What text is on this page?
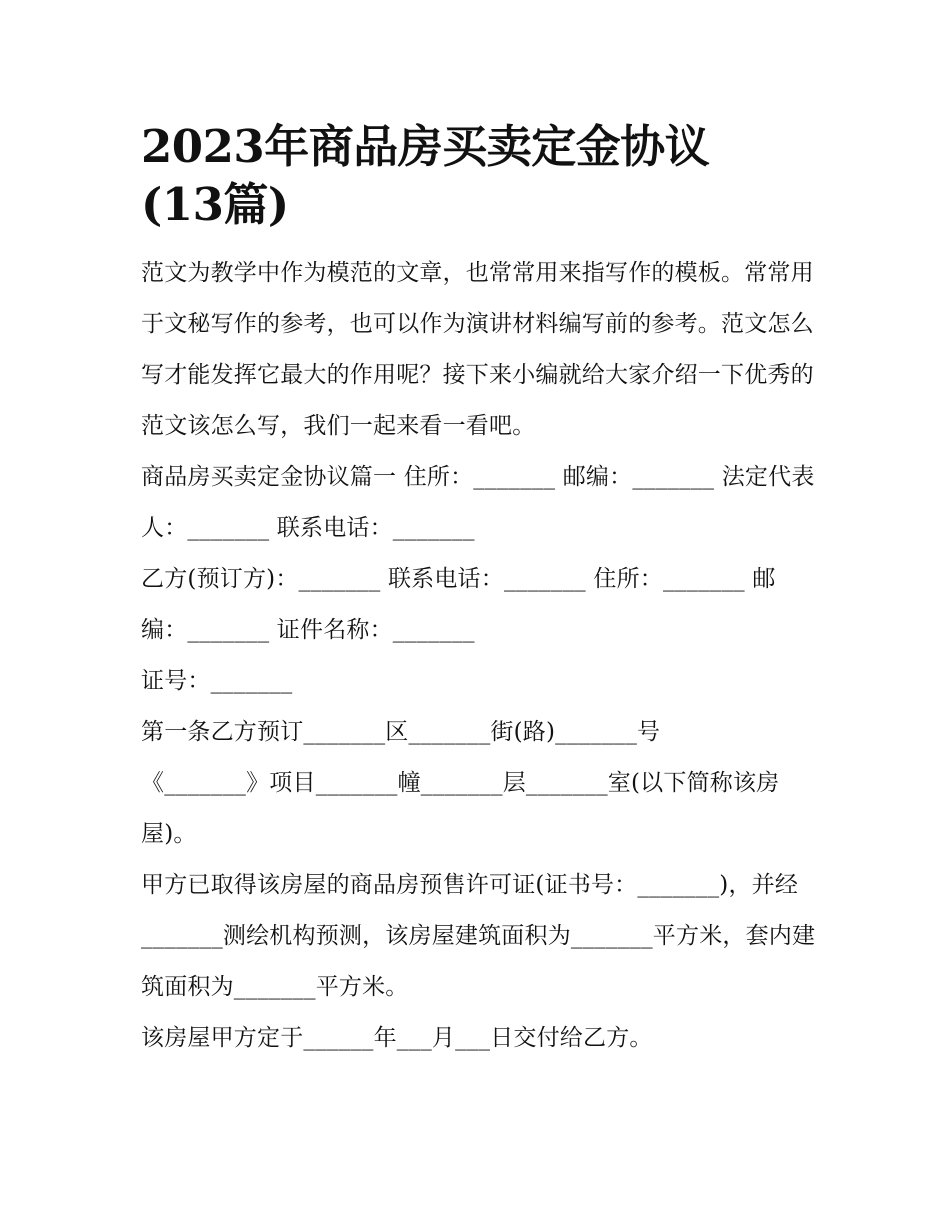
2023年商品房买卖定金协议
(13篇)

范文为教学中作为模范的文章，也常常用来指写作的模板。常常用于文秘写作的参考，也可以作为演讲材料编写前的参考。范文怎么写才能发挥它最大的作用呢？接下来小编就给大家介绍一下优秀的范文该怎么写，我们一起来看一看吧。

商品房买卖定金协议篇一 住所：_______ 邮编：_______ 法定代表人：_______ 联系电话：_______

乙方(预订方)：_______ 联系电话：_______ 住所：_______ 邮编：_______ 证件名称：_______

证号：_______

第一条乙方预订_______区_______街(路)_______号

《_______》项目_______幢_______层_______室(以下简称该房屋)。

甲方已取得该房屋的商品房预售许可证(证书号：_______)，并经_______测绘机构预测，该房屋建筑面积为_______平方米，套内建筑面积为_______平方米。

该房屋甲方定于______年___月___日交付给乙方。
